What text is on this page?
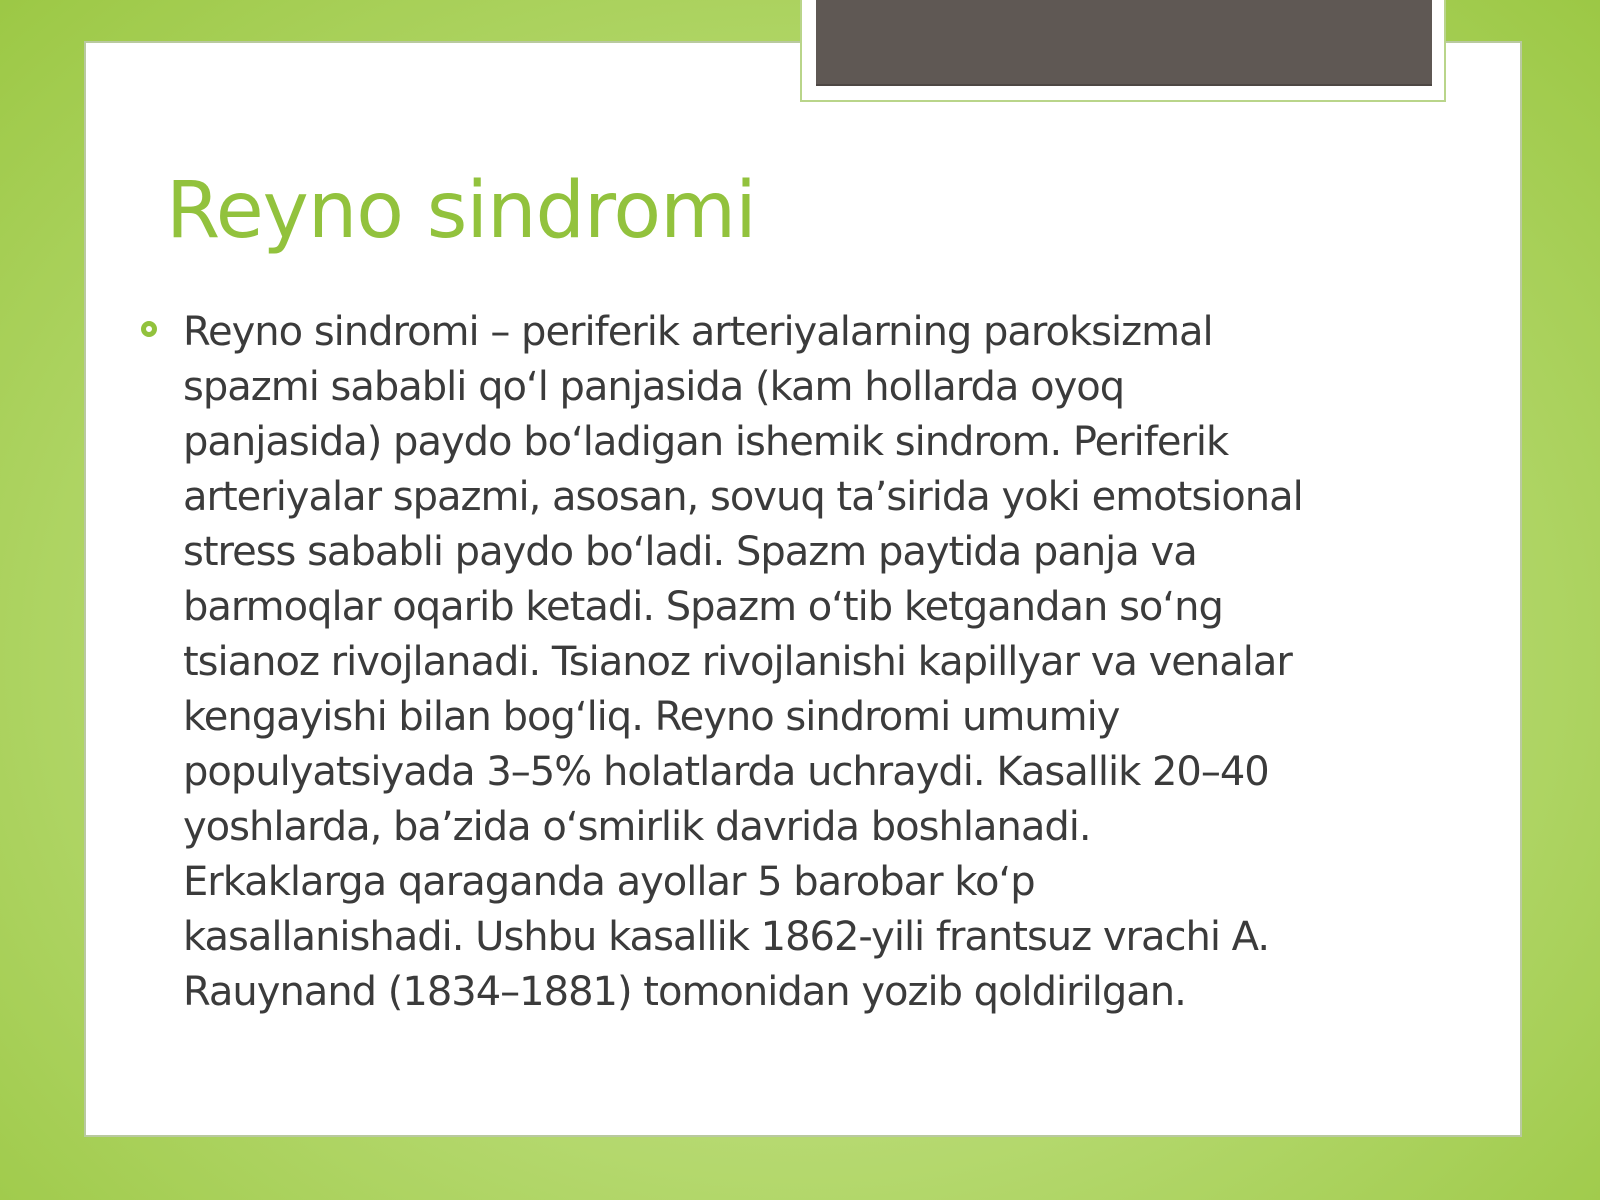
Reyno sindromi

Reyno sindromi – periferik arteriyalarning paroksizmal
spazmi sababli qo‘l panjasida (kam hollarda oyoq
panjasida) paydo bo‘ladigan ishemik sindrom. Periferik
arteriyalar spazmi, asosan, sovuq ta’sirida yoki emotsional
stress sababli paydo bo‘ladi. Spazm paytida panja va
barmoqlar oqarib ketadi. Spazm o‘tib ketgandan so‘ng
tsianoz rivojlanadi. Tsianoz rivojlanishi kapillyar va venalar
kengayishi bilan bog‘liq. Reyno sindromi umumiy
populyatsiyada 3–5% holatlarda uchraydi. Kasallik 20–40
yoshlarda, ba’zida o‘smirlik davrida boshlanadi.
Erkaklarga qaraganda ayollar 5 barobar ko‘p
kasallanishadi. Ushbu kasallik 1862-yili frantsuz vrachi A.
Rauynand (1834–1881) tomonidan yozib qoldirilgan.
